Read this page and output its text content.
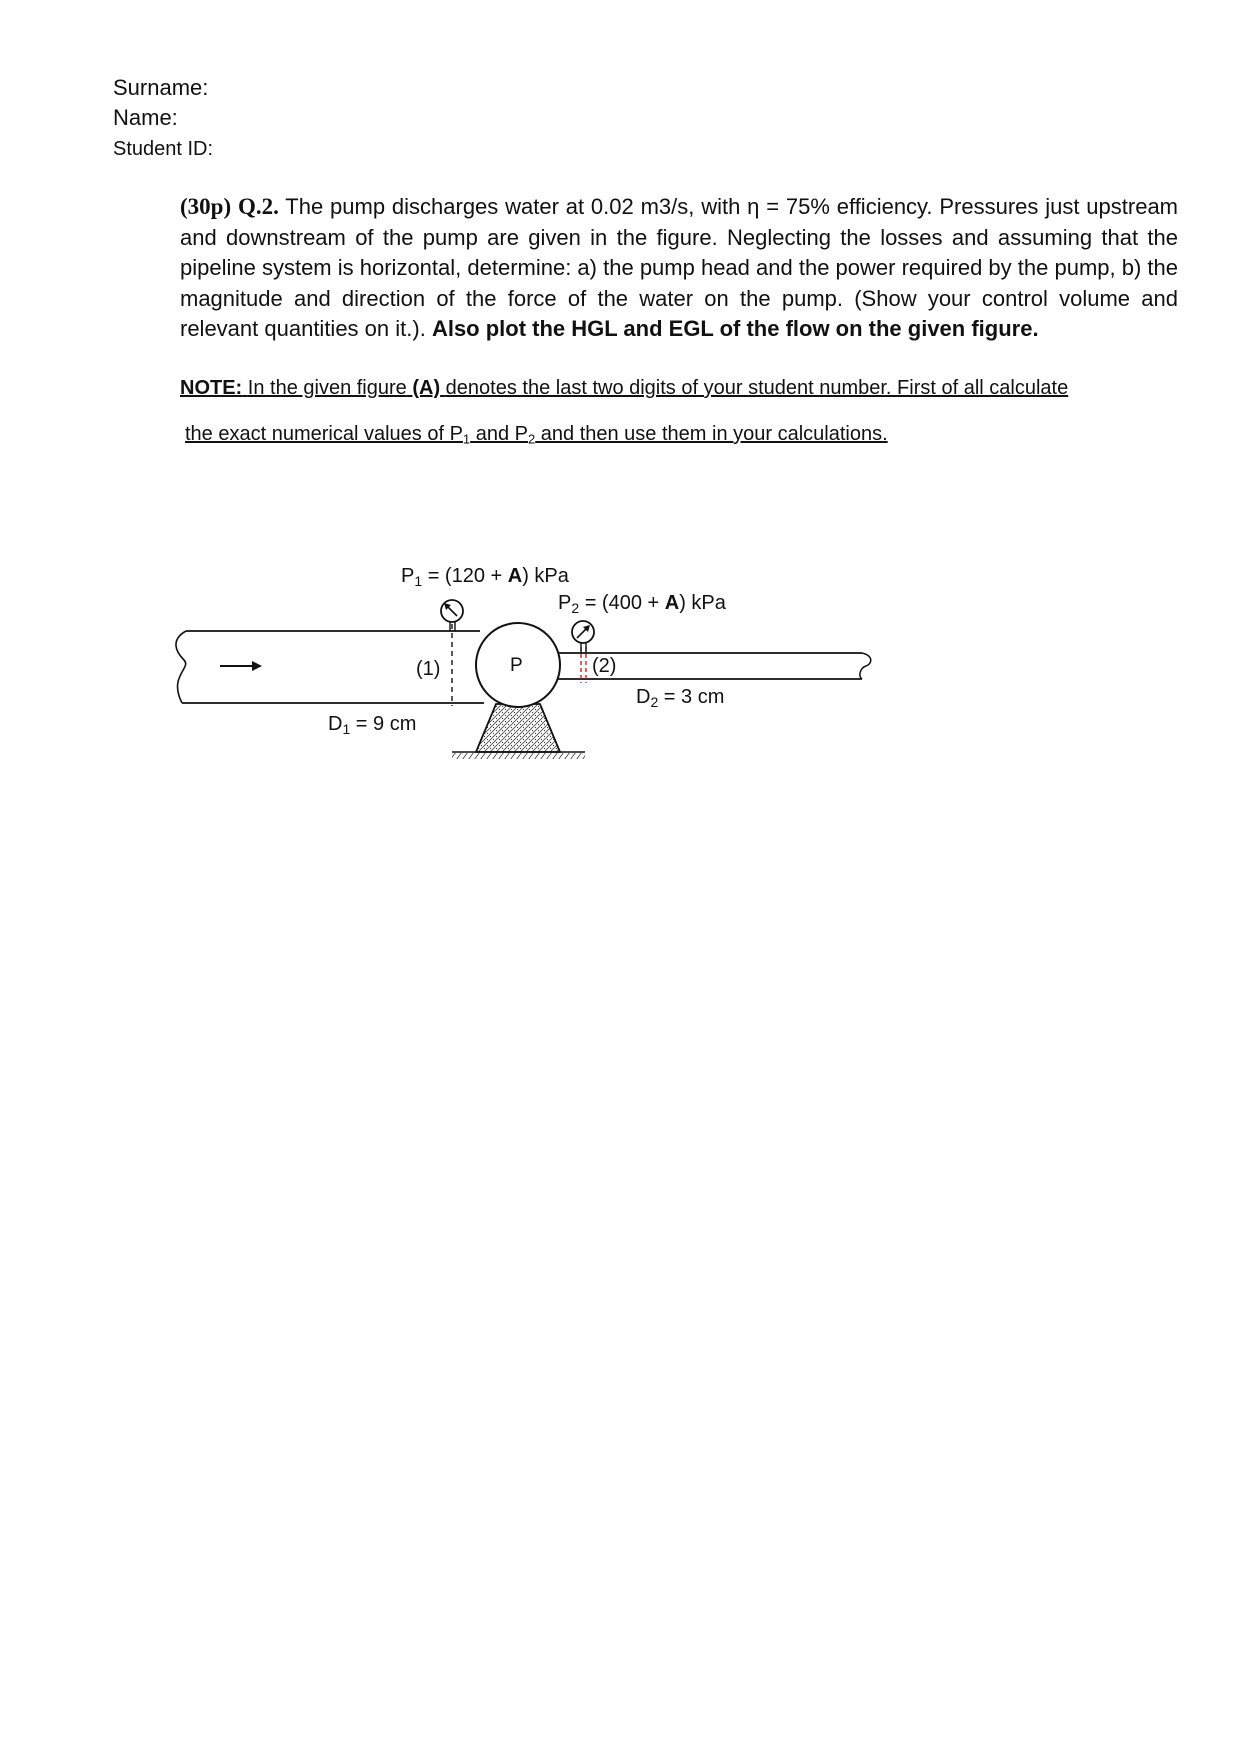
Surname:
Name:
Student ID:
(30p) Q.2. The pump discharges water at 0.02 m3/s, with η = 75% efficiency. Pressures just upstream and downstream of the pump are given in the figure. Neglecting the losses and assuming that the pipeline system is horizontal, determine: a) the pump head and the power required by the pump, b) the magnitude and direction of the force of the water on the pump. (Show your control volume and relevant quantities on it.). Also plot the HGL and EGL of the flow on the given figure.
NOTE: In the given figure (A) denotes the last two digits of your student number. First of all calculate
the exact numerical values of $P_1$ and $P_2$ and then use them in your calculations.
$P_1 = (120 + A)$ kPa
$P_2 = (400 + A)$ kPa
(1)	P	(2)
$D_1 = 9$ cm
$D_2 = 3$ cm
